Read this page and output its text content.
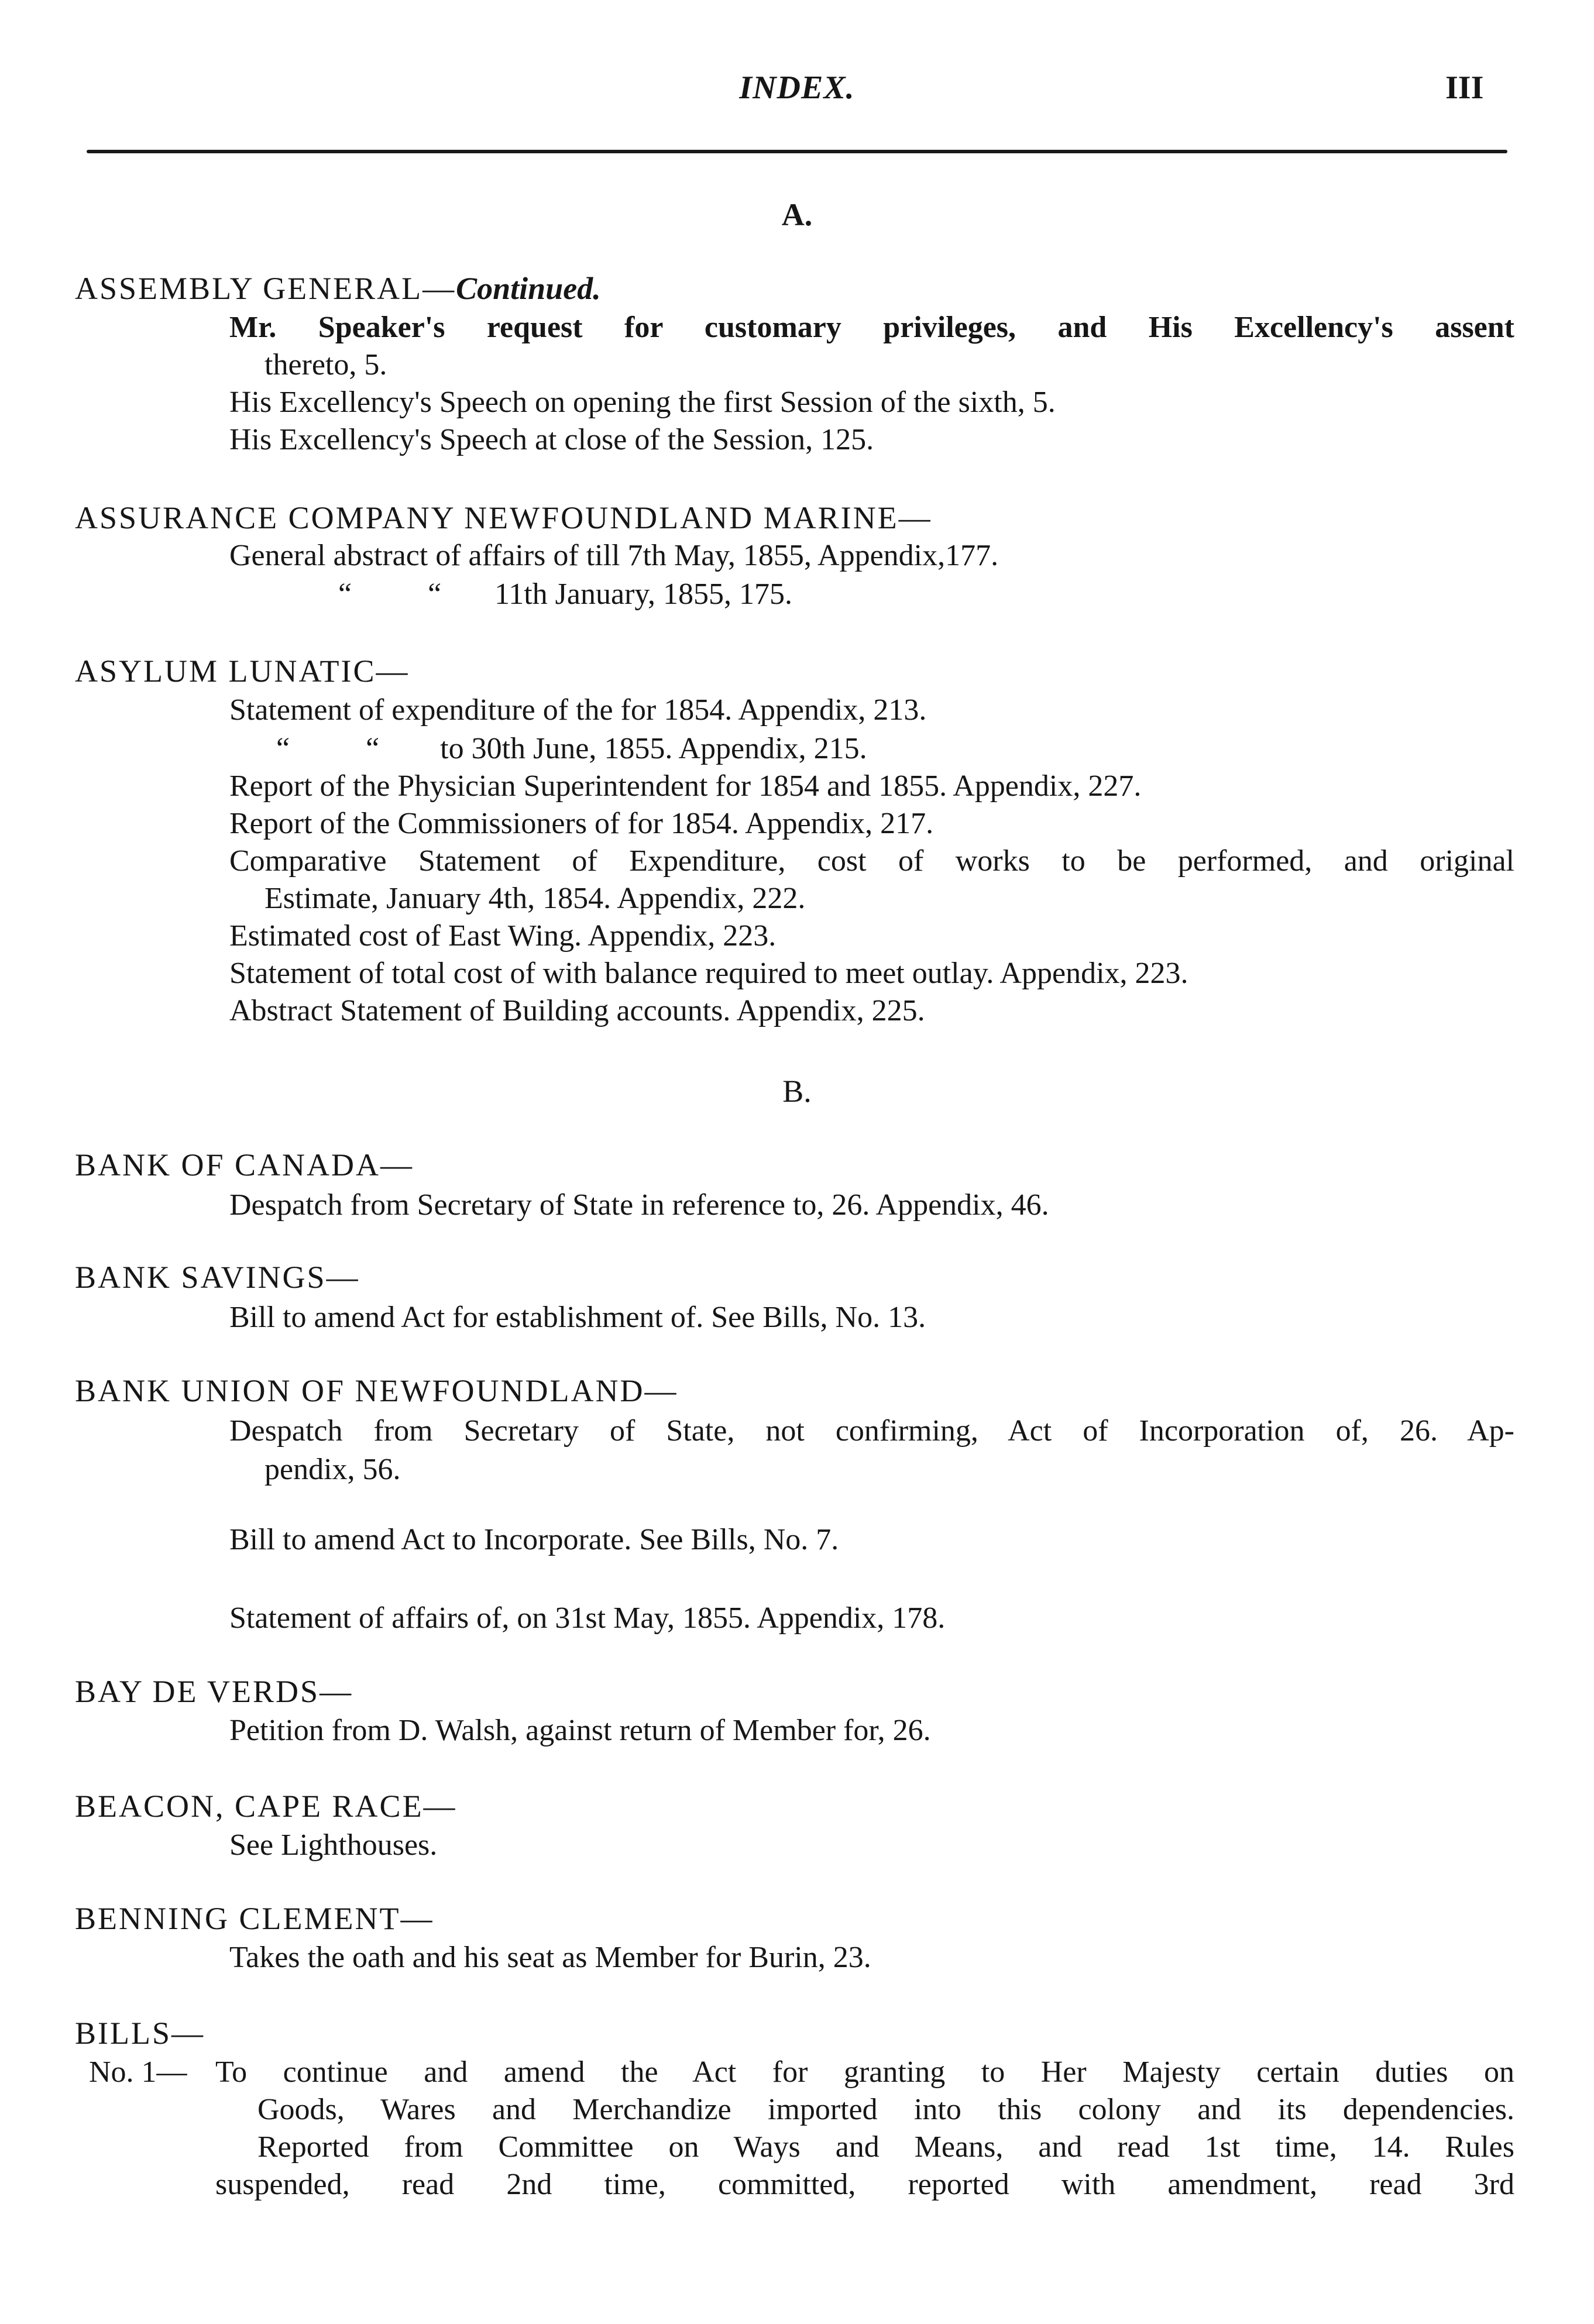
INDEX.	III
A.
ASSEMBLY GENERAL—Continued.
Mr. Speaker's request for customary privileges, and His Excellency's assent
thereto, 5.
His Excellency's Speech on opening the first Session of the sixth, 5.
His Excellency's Speech at close of the Session, 125.
ASSURANCE COMPANY NEWFOUNDLAND MARINE—
General abstract of affairs of till 7th May, 1855, Appendix,177.
“          “       11th January, 1855, 175.
ASYLUM LUNATIC—
Statement of expenditure of the for 1854. Appendix, 213.
“          “        to 30th June, 1855. Appendix, 215.
Report of the Physician Superintendent for 1854 and 1855. Appendix, 227.
Report of the Commissioners of for 1854. Appendix, 217.
Comparative Statement of Expenditure, cost of works to be performed, and original
Estimate, January 4th, 1854. Appendix, 222.
Estimated cost of East Wing. Appendix, 223.
Statement of total cost of with balance required to meet outlay. Appendix, 223.
Abstract Statement of Building accounts. Appendix, 225.
B.
BANK OF CANADA—
Despatch from Secretary of State in reference to, 26. Appendix, 46.
BANK SAVINGS—
Bill to amend Act for establishment of. See Bills, No. 13.
BANK UNION OF NEWFOUNDLAND—
Despatch from Secretary of State, not confirming, Act of Incorporation of, 26. Ap-
pendix, 56.
Bill to amend Act to Incorporate. See Bills, No. 7.
Statement of affairs of, on 31st May, 1855. Appendix, 178.
BAY DE VERDS—
Petition from D. Walsh, against return of Member for, 26.
BEACON, CAPE RACE—
See Lighthouses.
BENNING CLEMENT—
Takes the oath and his seat as Member for Burin, 23.
BILLS—
No. 1— To continue and amend the Act for granting to Her Majesty certain duties on
Goods, Wares and Merchandize imported into this colony and its dependencies.
Reported from Committee on Ways and Means, and read 1st time, 14. Rules
suspended, read 2nd time, committed, reported with amendment, read 3rd
